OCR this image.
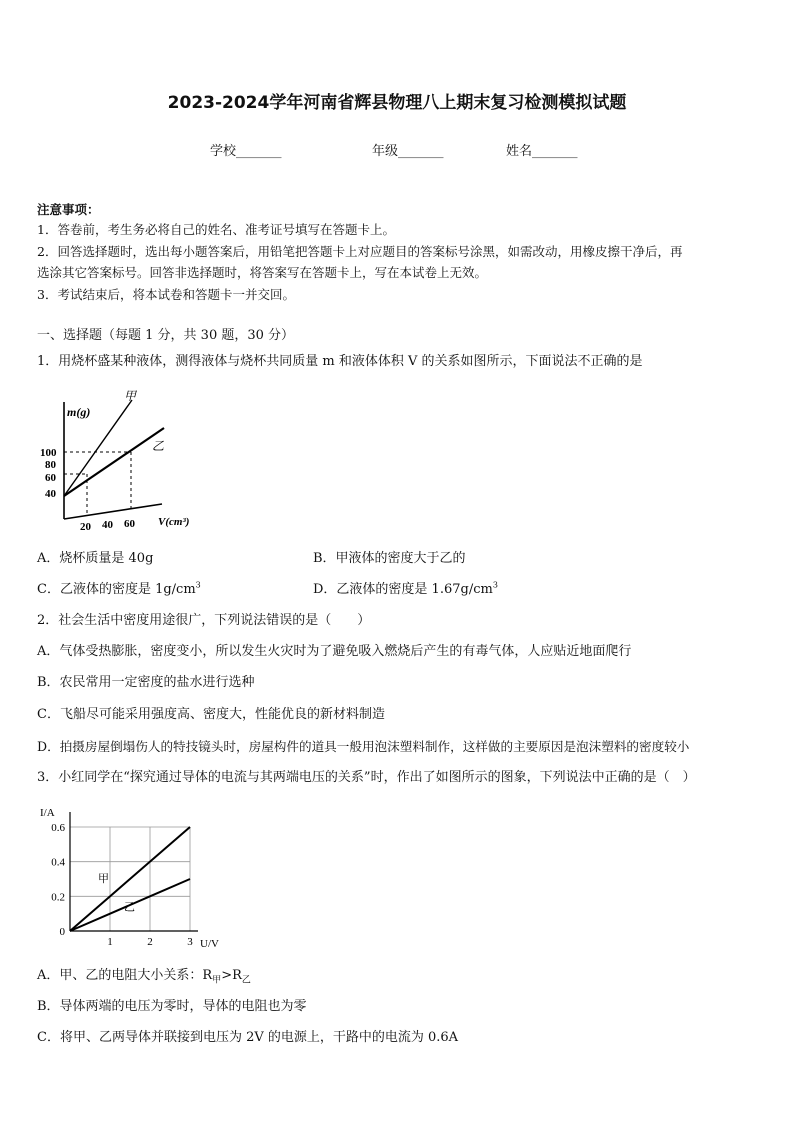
2023-2024学年河南省辉县物理八上期末复习检测模拟试题
学校_______	年级_______	姓名_______
注意事项：
1．答卷前，考生务必将自己的姓名、准考证号填写在答题卡上。
2．回答选择题时，选出每小题答案后，用铅笔把答题卡上对应题目的答案标号涂黑，如需改动，用橡皮擦干净后，再
选涂其它答案标号。回答非选择题时，将答案写在答题卡上，写在本试卷上无效。
3．考试结束后，将本试卷和答题卡一并交回。
一、选择题（每题 1 分，共 30 题，30 分）
1．用烧杯盛某种液体，测得液体与烧杯共同质量 m 和液体体积 V 的关系如图所示，下面说法不正确的是
m(g)
100
80
60
40
20 40 60 V(cm³)
甲
乙
A．烧杯质量是 40g	B．甲液体的密度大于乙的
C．乙液体的密度是 $1g/cm^3$	D．乙液体的密度是 $1.67g/cm^3$
2．社会生活中密度用途很广，下列说法错误的是（　　）
A．气体受热膨胀，密度变小，所以发生火灾时为了避免吸入燃烧后产生的有毒气体，人应贴近地面爬行
B．农民常用一定密度的盐水进行选种
C．飞船尽可能采用强度高、密度大，性能优良的新材料制造
D．拍摄房屋倒塌伤人的特技镜头时，房屋构件的道具一般用泡沫塑料制作，这样做的主要原因是泡沫塑料的密度较小
3．小红同学在“探究通过导体的电流与其两端电压的关系”时，作出了如图所示的图象，下列说法中正确的是（　）
0
0.2
0.4
0.6
1	2	3
I/A
U/V
甲
乙
A．甲、乙的电阻大小关系：$R_甲>R_乙$
B．导体两端的电压为零时，导体的电阻也为零
C．将甲、乙两导体并联接到电压为 2V 的电源上，干路中的电流为 0.6A
